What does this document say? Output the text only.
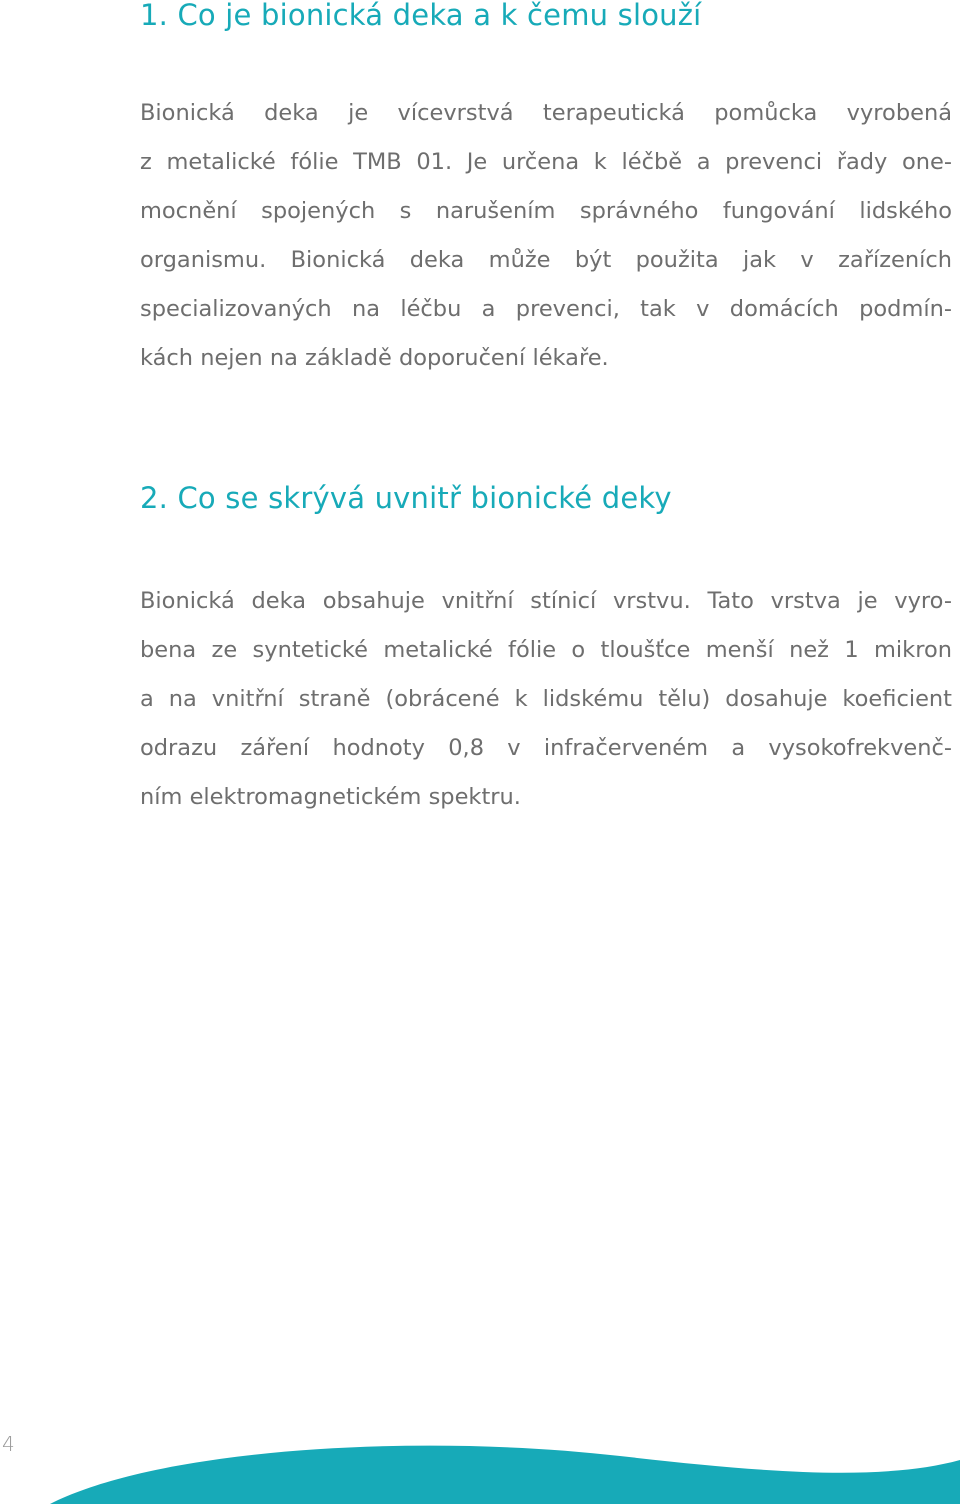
1. Co je bionická deka a k čemu slouží
Bionická deka je vícevrstvá terapeutická pomůcka vyrobená
z metalické fólie TMB 01. Je určena k léčbě a prevenci řady one-
mocnění spojených s narušením správného fungování lidského
organismu. Bionická deka může být použita jak v zařízeních
specializovaných na léčbu a prevenci, tak v domácích podmín-
kách nejen na základě doporučení lékaře.
2. Co se skrývá uvnitř bionické deky
Bionická deka obsahuje vnitřní stínicí vrstvu. Tato vrstva je vyro-
bena ze syntetické metalické fólie o tloušťce menší než 1 mikron
a na vnitřní straně (obrácené k lidskému tělu) dosahuje koeficient
odrazu záření hodnoty 0,8 v infračerveném a vysokofrekvenč-
ním elektromagnetickém spektru.
4
